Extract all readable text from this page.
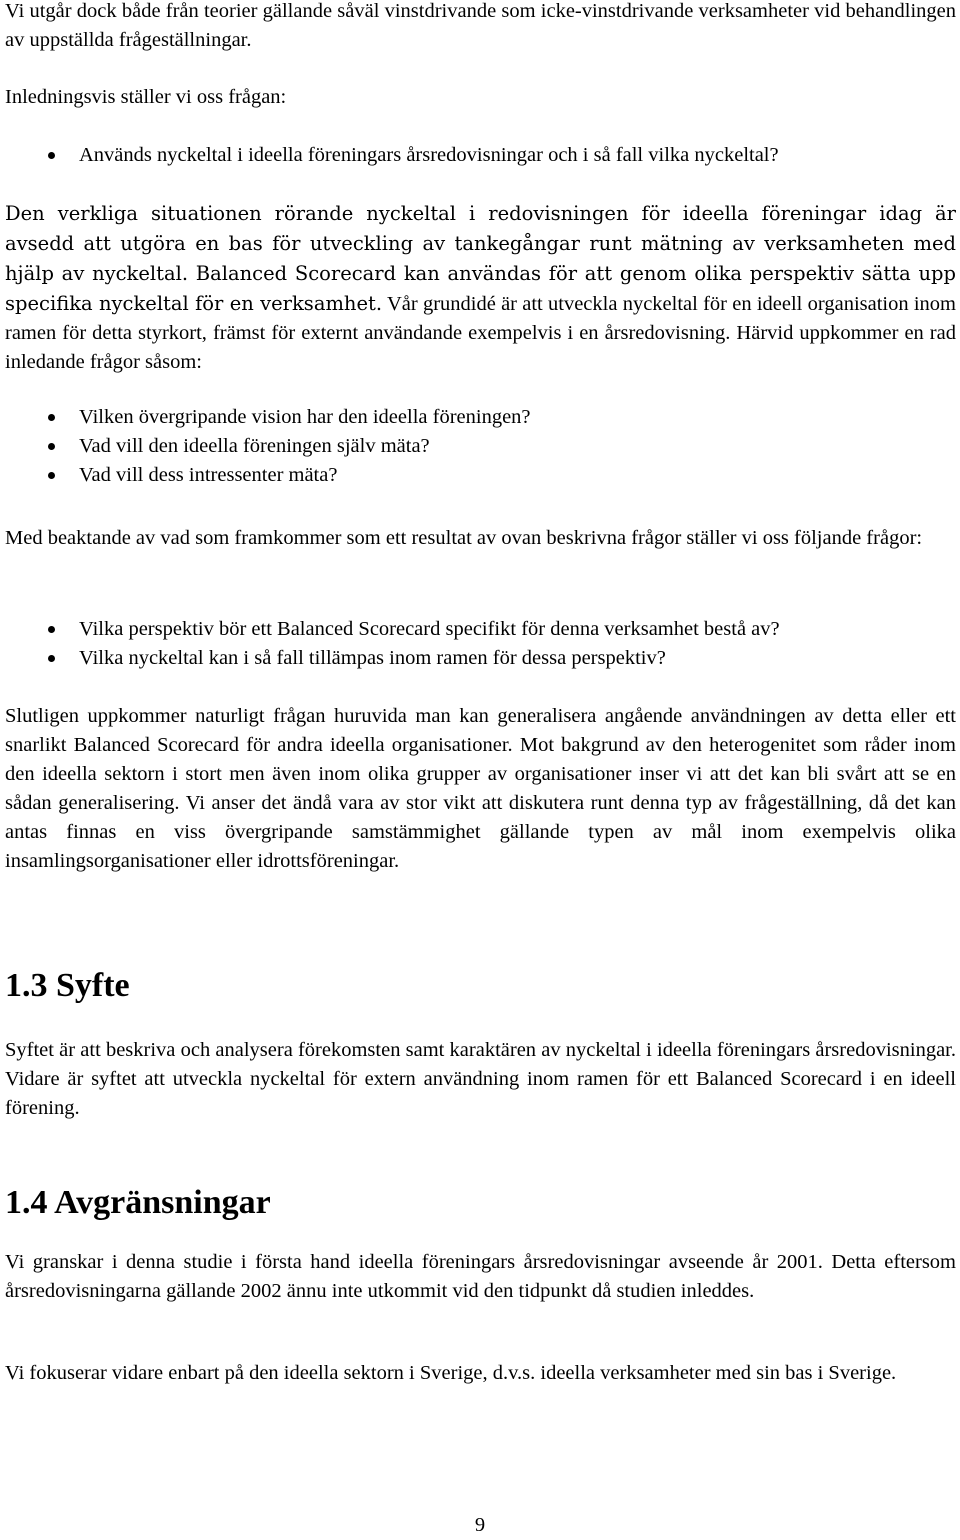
Vi utgår dock både från teorier gällande såväl vinstdrivande som icke-vinstdrivande verksamheter vid behandlingen av uppställda frågeställningar.

Inledningsvis ställer vi oss frågan:

Används nyckeltal i ideella föreningars årsredovisningar och i så fall vilka nyckeltal?

Den verkliga situationen rörande nyckeltal i redovisningen för ideella föreningar idag är avsedd att utgöra en bas för utveckling av tankegångar runt mätning av verksamheten med hjälp av nyckeltal. Balanced Scorecard kan användas för att genom olika perspektiv sätta upp specifika nyckeltal för en verksamhet. Vår grundidé är att utveckla nyckeltal för en ideell organisation inom ramen för detta styrkort, främst för externt användande exempelvis i en årsredovisning. Härvid uppkommer en rad inledande frågor såsom:

Vilken övergripande vision har den ideella föreningen?
Vad vill den ideella föreningen själv mäta?
Vad vill dess intressenter mäta?

Med beaktande av vad som framkommer som ett resultat av ovan beskrivna frågor ställer vi oss följande frågor:

Vilka perspektiv bör ett Balanced Scorecard specifikt för denna verksamhet bestå av?
Vilka nyckeltal kan i så fall tillämpas inom ramen för dessa perspektiv?

Slutligen uppkommer naturligt frågan huruvida man kan generalisera angående användningen av detta eller ett snarlikt Balanced Scorecard för andra ideella organisationer. Mot bakgrund av den heterogenitet som råder inom den ideella sektorn i stort men även inom olika grupper av organisationer inser vi att det kan bli svårt att se en sådan generalisering. Vi anser det ändå vara av stor vikt att diskutera runt denna typ av frågeställning, då det kan antas finnas en viss övergripande samstämmighet gällande typen av mål inom exempelvis olika insamlingsorganisationer eller idrottsföreningar.

1.3 Syfte

Syftet är att beskriva och analysera förekomsten samt karaktären av nyckeltal i ideella föreningars årsredovisningar. Vidare är syftet att utveckla nyckeltal för extern användning inom ramen för ett Balanced Scorecard i en ideell förening.

1.4 Avgränsningar

Vi granskar i denna studie i första hand ideella föreningars årsredovisningar avseende år 2001. Detta eftersom årsredovisningarna gällande 2002 ännu inte utkommit vid den tidpunkt då studien inleddes.

Vi fokuserar vidare enbart på den ideella sektorn i Sverige, d.v.s. ideella verksamheter med sin bas i Sverige.

9
